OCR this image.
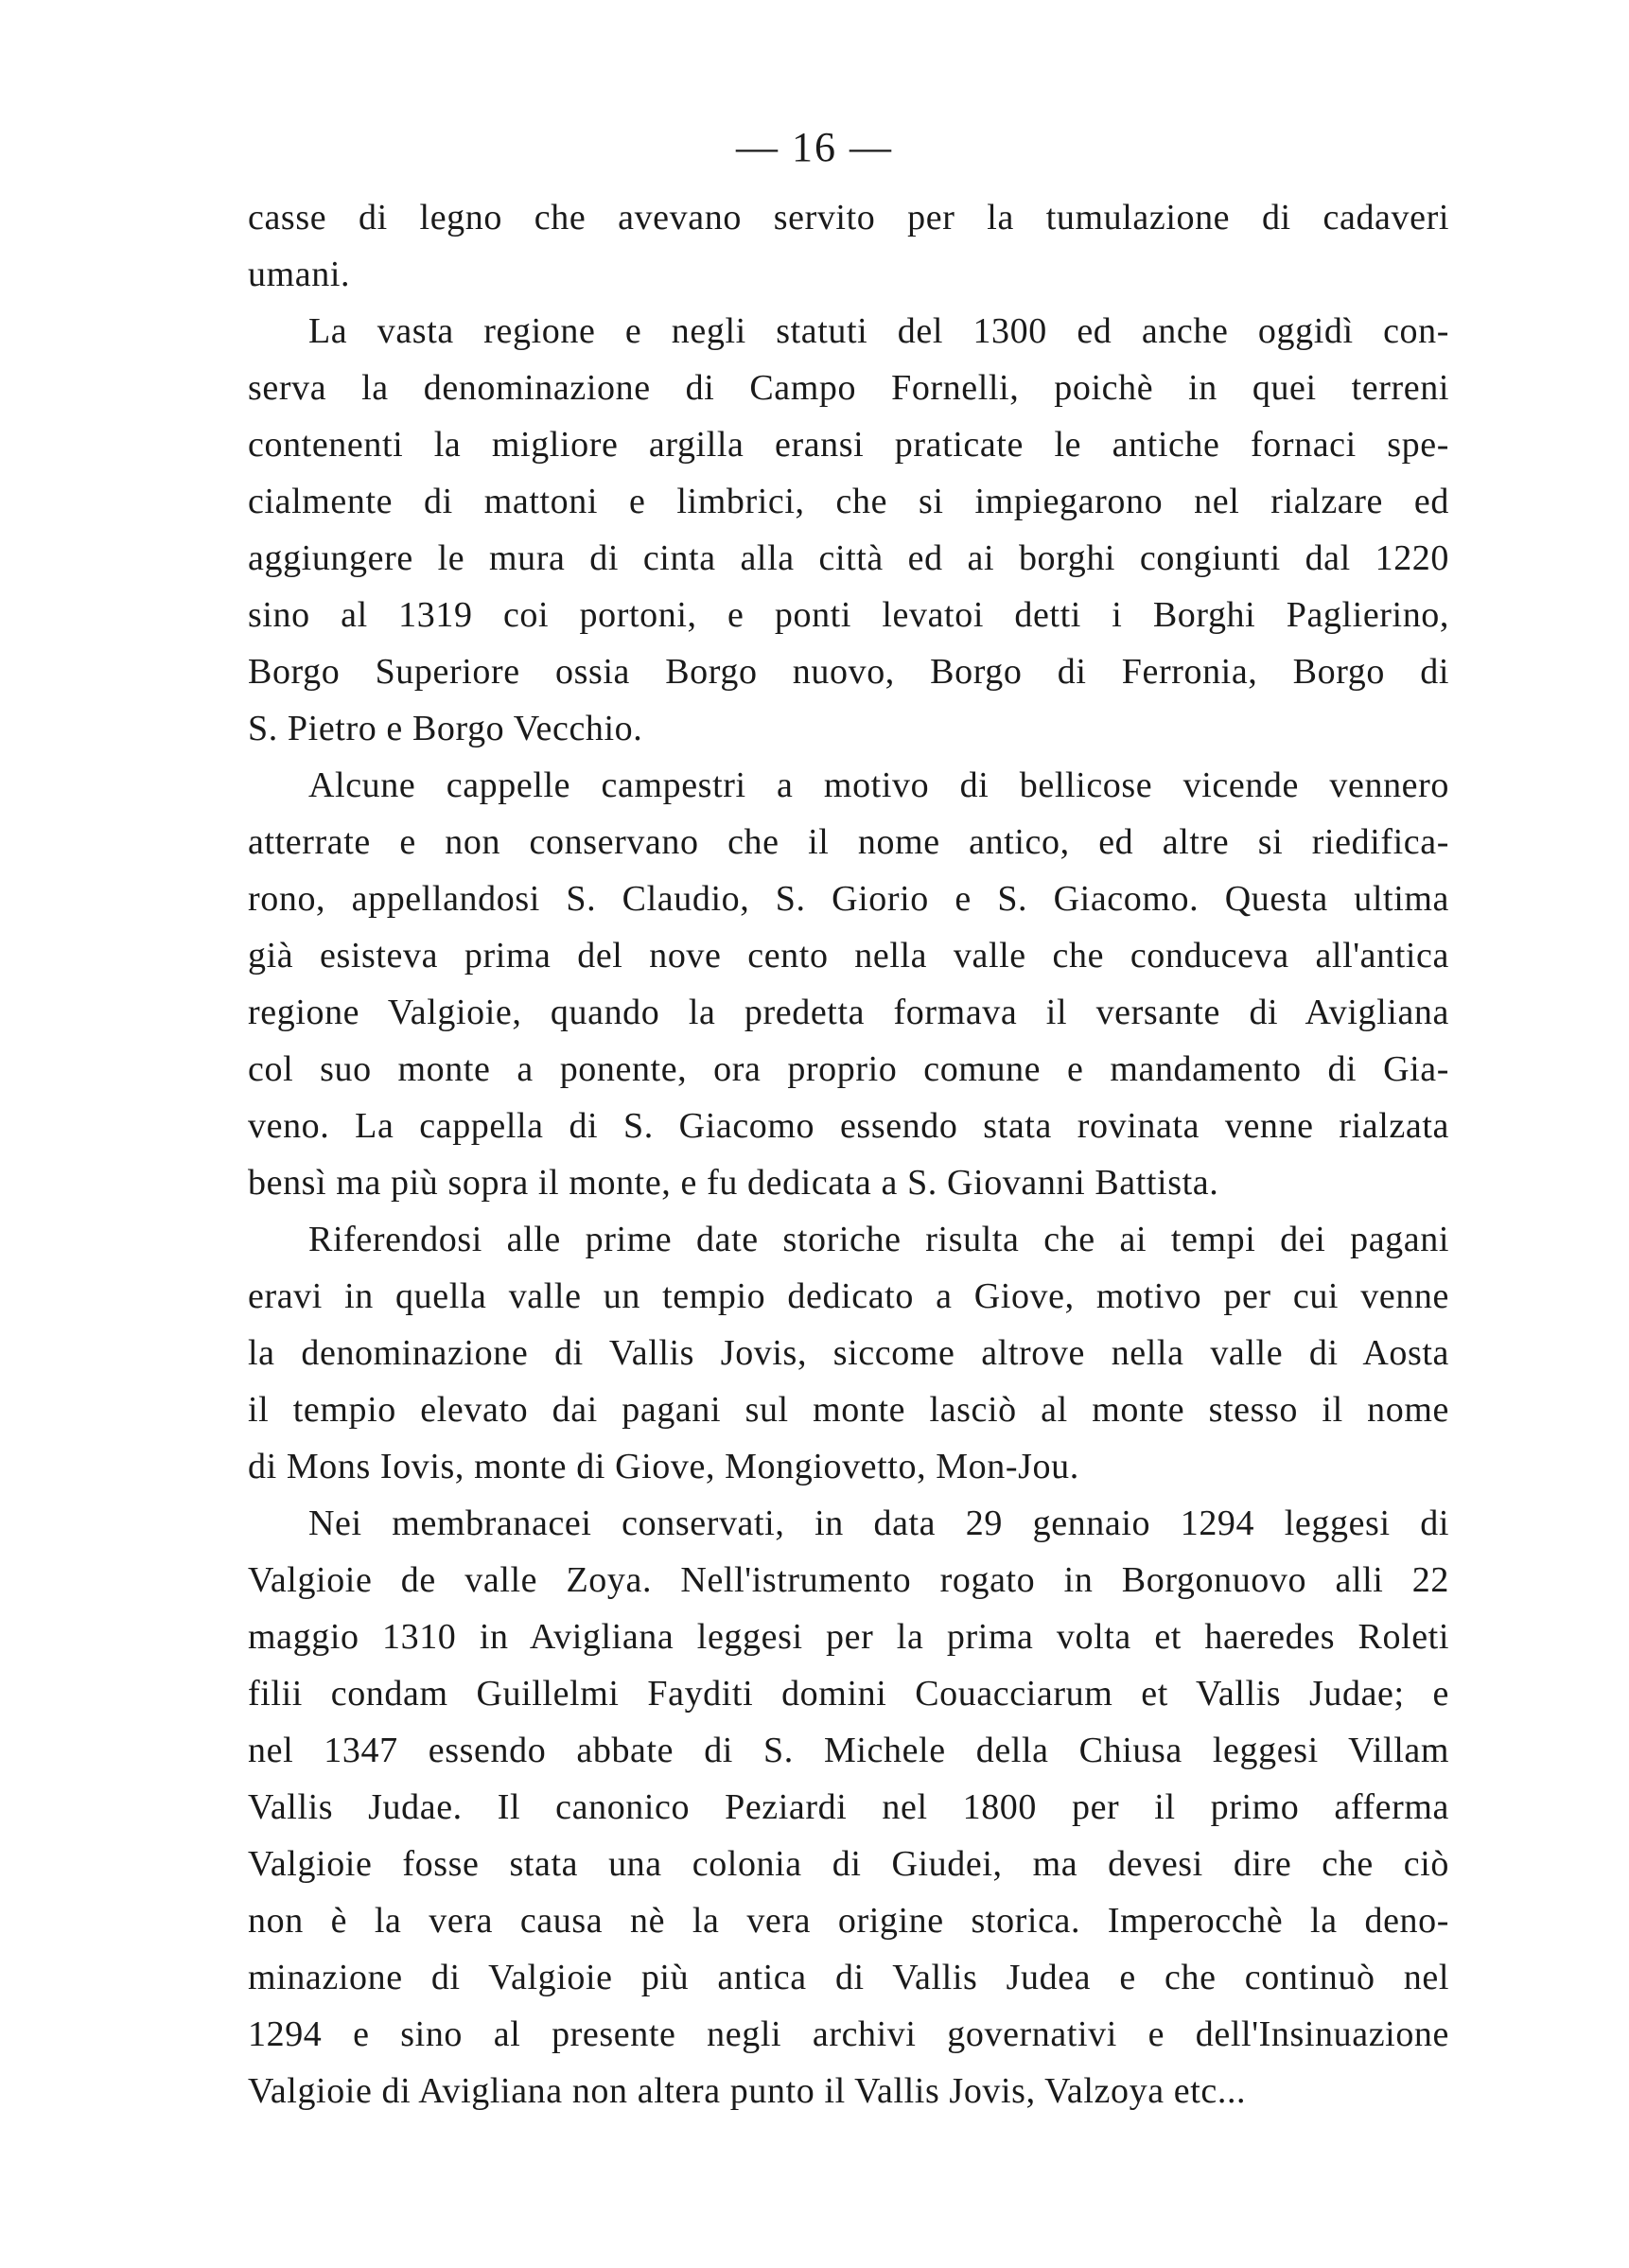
— 16 —
casse di legno che avevano servito per la tumulazione di cadaveri
umani.
La vasta regione e negli statuti del 1300 ed anche oggidì con-
serva la denominazione di Campo Fornelli, poichè in quei terreni
contenenti la migliore argilla eransi praticate le antiche fornaci spe-
cialmente di mattoni e limbrici, che si impiegarono nel rialzare ed
aggiungere le mura di cinta alla città ed ai borghi congiunti dal 1220
sino al 1319 coi portoni, e ponti levatoi detti i Borghi Paglierino,
Borgo Superiore ossia Borgo nuovo, Borgo di Ferronia, Borgo di
S. Pietro e Borgo Vecchio.
Alcune cappelle campestri a motivo di bellicose vicende vennero
atterrate e non conservano che il nome antico, ed altre si riedifica-
rono, appellandosi S. Claudio, S. Giorio e S. Giacomo. Questa ultima
già esisteva prima del nove cento nella valle che conduceva all'antica
regione Valgioie, quando la predetta formava il versante di Avigliana
col suo monte a ponente, ora proprio comune e mandamento di Gia-
veno. La cappella di S. Giacomo essendo stata rovinata venne rialzata
bensì ma più sopra il monte, e fu dedicata a S. Giovanni Battista.
Riferendosi alle prime date storiche risulta che ai tempi dei pagani
eravi in quella valle un tempio dedicato a Giove, motivo per cui venne
la denominazione di Vallis Jovis, siccome altrove nella valle di Aosta
il tempio elevato dai pagani sul monte lasciò al monte stesso il nome
di Mons Iovis, monte di Giove, Mongiovetto, Mon-Jou.
Nei membranacei conservati, in data 29 gennaio 1294 leggesi di
Valgioie de valle Zoya. Nell'istrumento rogato in Borgonuovo alli 22
maggio 1310 in Avigliana leggesi per la prima volta et haeredes Roleti
filii condam Guillelmi Fayditi domini Couacciarum et Vallis Judae; e
nel 1347 essendo abbate di S. Michele della Chiusa leggesi Villam
Vallis Judae. Il canonico Peziardi nel 1800 per il primo afferma
Valgioie fosse stata una colonia di Giudei, ma devesi dire che ciò
non è la vera causa nè la vera origine storica. Imperocchè la deno-
minazione di Valgioie più antica di Vallis Judea e che continuò nel
1294 e sino al presente negli archivi governativi e dell'Insinuazione
Valgioie di Avigliana non altera punto il Vallis Jovis, Valzoya etc...
